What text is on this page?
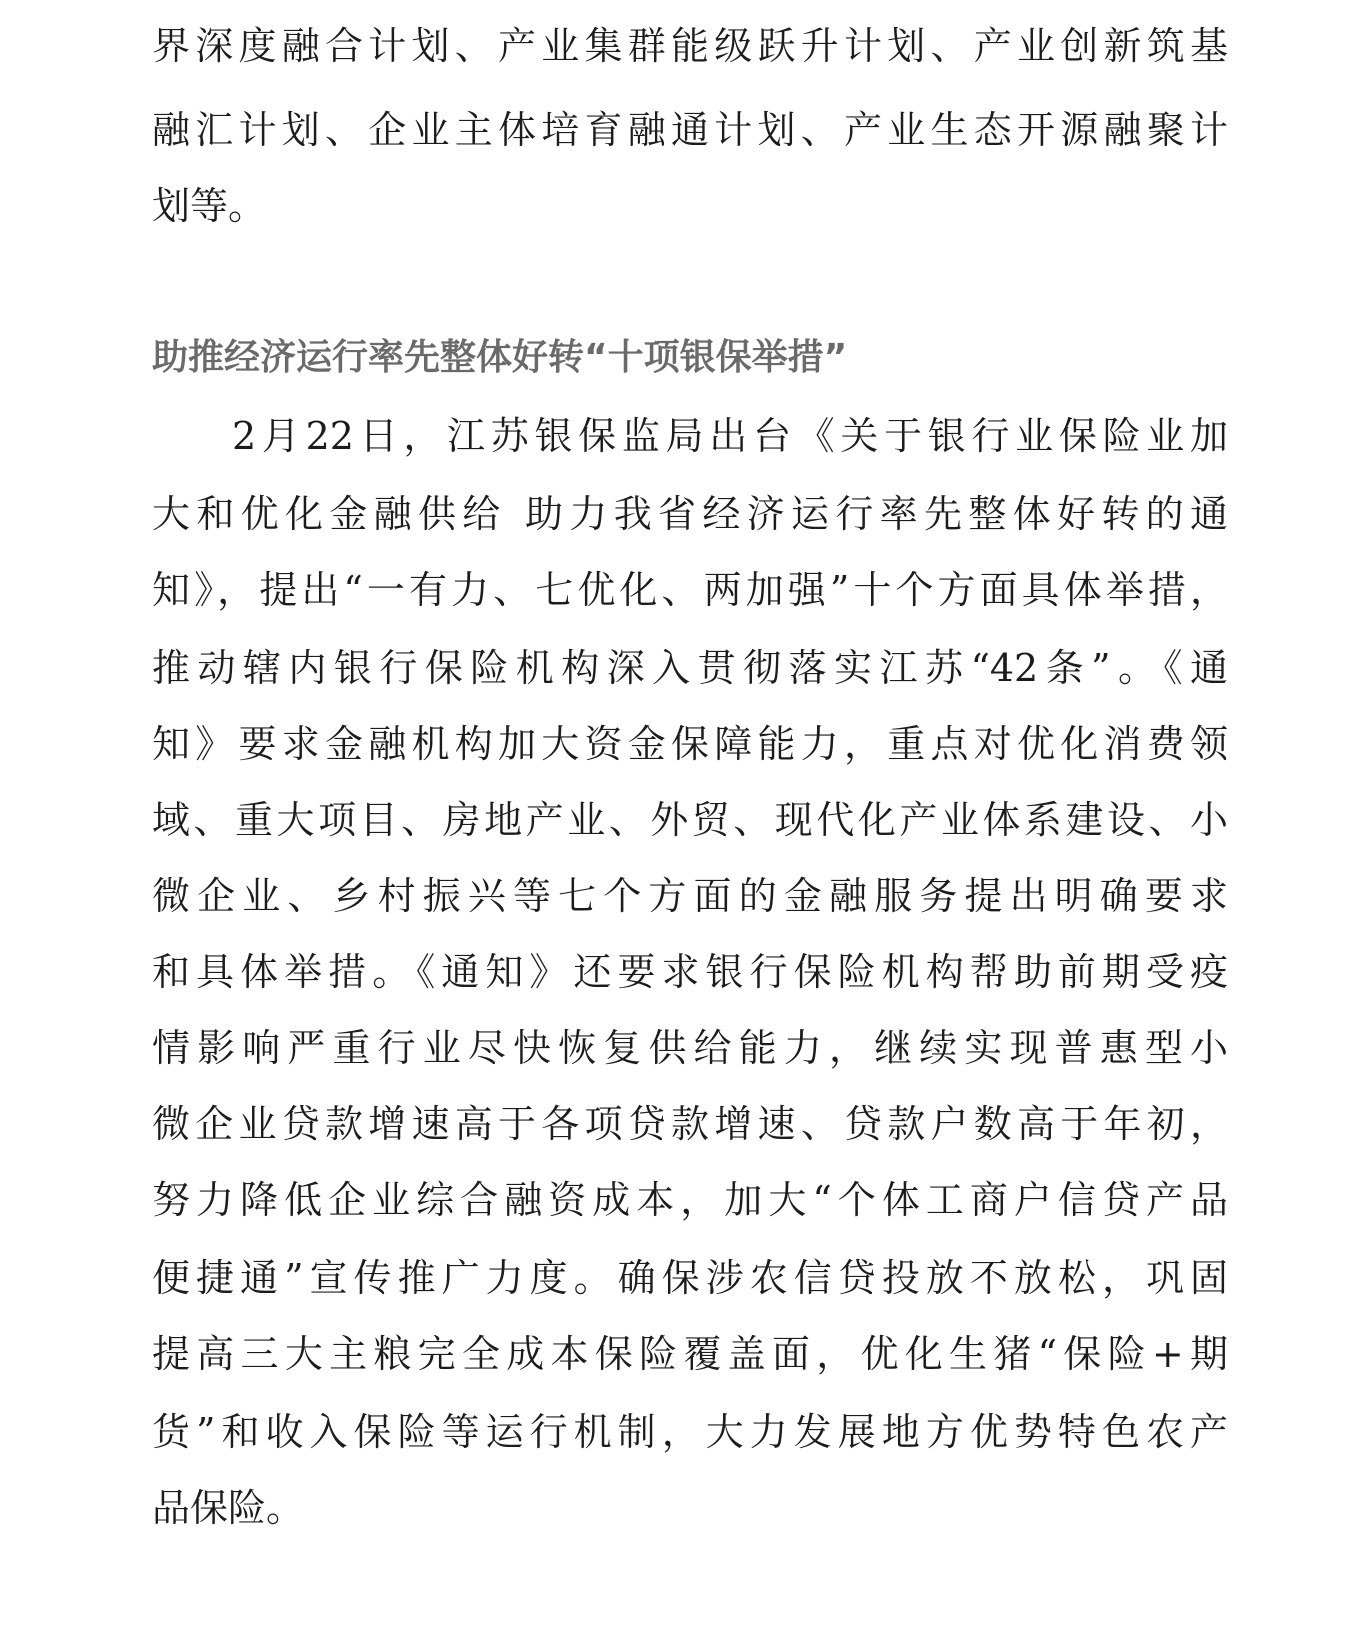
界深度融合计划、产业集群能级跃升计划、产业创新筑基
融汇计划、企业主体培育融通计划、产业生态开源融聚计
划等。
助推经济运行率先整体好转“十项银保举措”
2月22日，江苏银保监局出台《关于银行业保险业加
大和优化金融供给 助力我省经济运行率先整体好转的通
知》，提出“一有力、七优化、两加强”十个方面具体举措，
推动辖内银行保险机构深入贯彻落实江苏“42条”。《通
知》要求金融机构加大资金保障能力，重点对优化消费领
域、重大项目、房地产业、外贸、现代化产业体系建设、小
微企业、乡村振兴等七个方面的金融服务提出明确要求
和具体举措。《通知》还要求银行保险机构帮助前期受疫
情影响严重行业尽快恢复供给能力，继续实现普惠型小
微企业贷款增速高于各项贷款增速、贷款户数高于年初，
努力降低企业综合融资成本，加大“个体工商户信贷产品
便捷通”宣传推广力度。确保涉农信贷投放不放松，巩固
提高三大主粮完全成本保险覆盖面，优化生猪“保险+期
货”和收入保险等运行机制，大力发展地方优势特色农产
品保险。
